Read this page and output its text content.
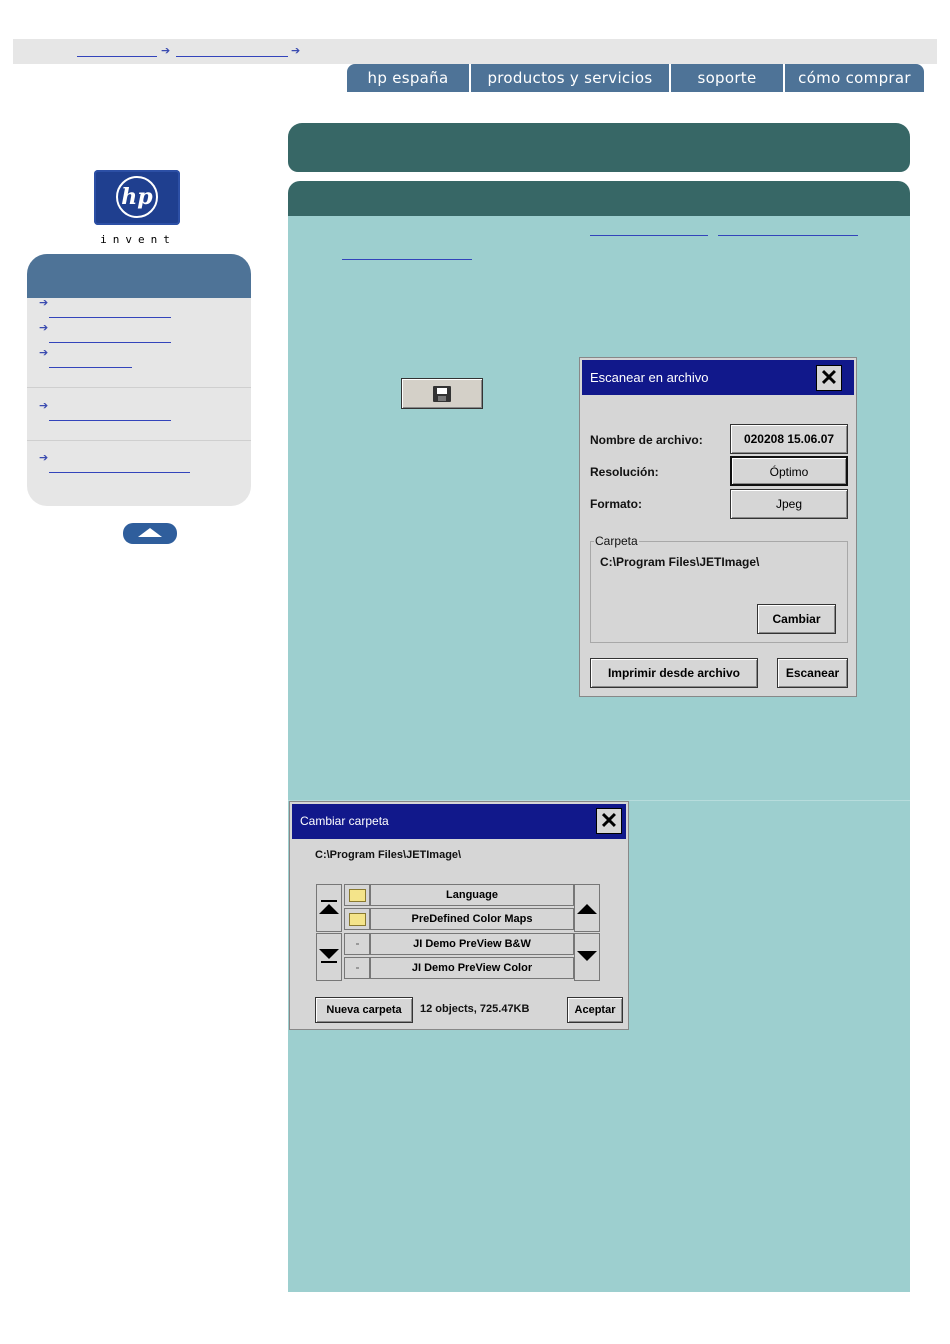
➔	➔
hp españa	productos y servicios	soporte	cómo comprar
hp
invent
➔
➔
➔
➔
➔
Escanear en archivo	✕
Nombre de archivo:	020208 15.06.07
Resolución:	Óptimo
Formato:	Jpeg
Carpeta
C:\Program Files\JETImage\
Cambiar
Imprimir desde archivo	Escanear
Cambiar carpeta	✕
C:\Program Files\JETImage\
Language
PreDefined Color Maps
JI Demo PreView B&W
JI Demo PreView Color
Nueva carpeta	12 objects, 725.47KB	Aceptar
